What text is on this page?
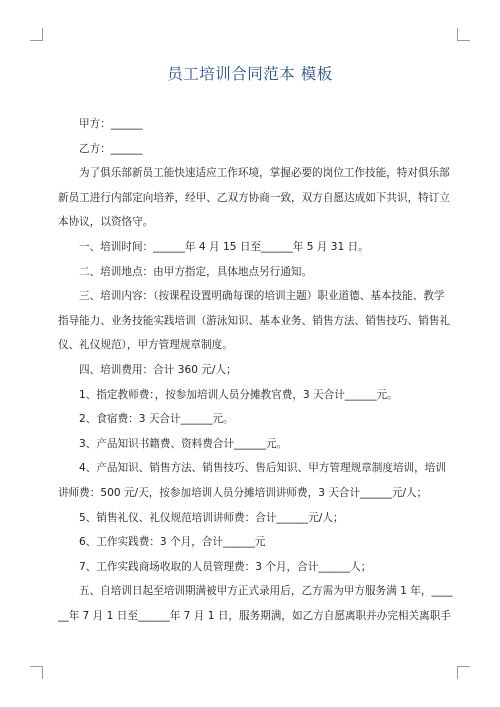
员工培训合同范本 模板

甲方：______

乙方：______

为了俱乐部新员工能快速适应工作环境，掌握必要的岗位工作技能，特对俱乐部

新员工进行内部定向培养，经甲、乙双方协商一致，双方自愿达成如下共识，特订立

本协议，以资恪守。

一、培训时间：______年 4 月 15 日至______年 5 月 31 日。

二、培训地点：由甲方指定，具体地点另行通知。

三、培训内容：（按课程设置明确每课的培训主题）职业道德、基本技能、教学

指导能力、业务技能实践培训（游泳知识、基本业务、销售方法、销售技巧、销售礼

仪、礼仪规范），甲方管理规章制度。

四、培训费用：合计 360 元/人；

1、指定教师费：，按参加培训人员分摊教官费，3 天合计______元。

2、食宿费：3 天合计______元。

3、产品知识书籍费、资料费合计______元。

4、产品知识、销售方法、销售技巧、售后知识、甲方管理规章制度培训，培训

讲师费：500 元/天，按参加培训人员分摊培训讲师费，3 天合计______元/人；

5、销售礼仪、礼仪规范培训讲师费：合计______元/人；

6、工作实践费：3 个月，合计______元

7、工作实践商场收取的人员管理费：3 个月，合计______人；

五、自培训日起至培训期满被甲方正式录用后，乙方需为甲方服务满 1 年，____

__年 7 月 1 日至______年 7 月 1 日，服务期满，如乙方自愿离职并办完相关离职手
